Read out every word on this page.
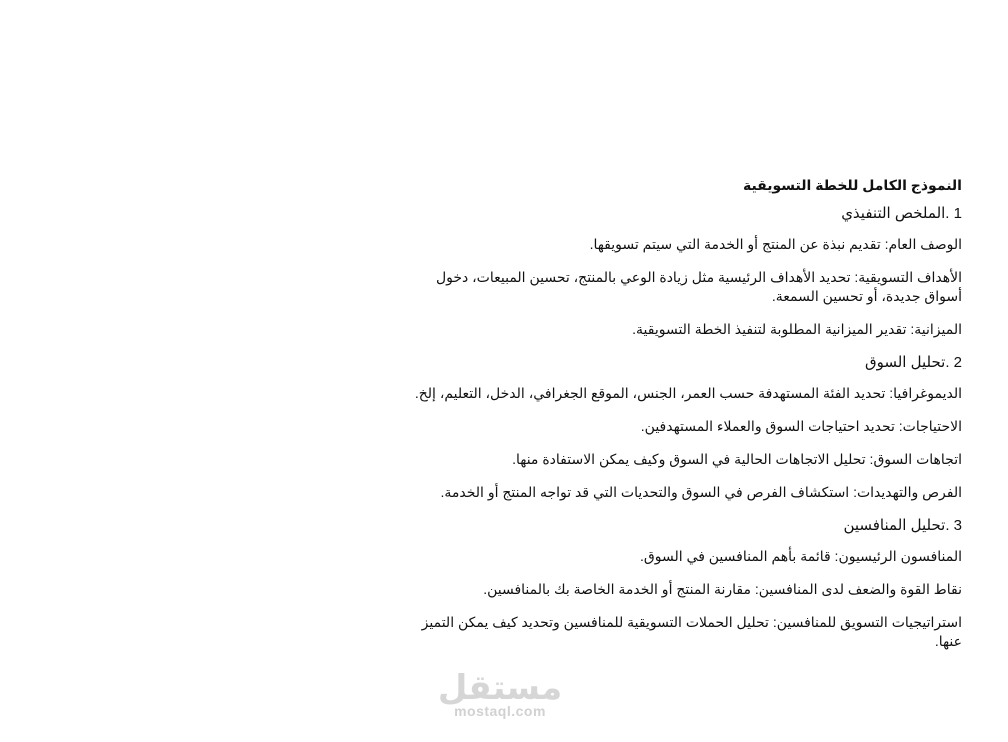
النموذج الكامل للخطة التسويقية
1 .الملخص التنفيذي
الوصف العام: تقديم نبذة عن المنتج أو الخدمة التي سيتم تسويقها.
الأهداف التسويقية: تحديد الأهداف الرئيسية مثل زيادة الوعي بالمنتج، تحسين المبيعات، دخول أسواق جديدة، أو تحسين السمعة.
الميزانية: تقدير الميزانية المطلوبة لتنفيذ الخطة التسويقية.
2 .تحليل السوق
الديموغرافيا: تحديد الفئة المستهدفة حسب العمر، الجنس، الموقع الجغرافي، الدخل، التعليم، إلخ.
الاحتياجات: تحديد احتياجات السوق والعملاء المستهدفين.
اتجاهات السوق: تحليل الاتجاهات الحالية في السوق وكيف يمكن الاستفادة منها.
الفرص والتهديدات: استكشاف الفرص في السوق والتحديات التي قد تواجه المنتج أو الخدمة.
3 .تحليل المنافسين
المنافسون الرئيسيون: قائمة بأهم المنافسين في السوق.
نقاط القوة والضعف لدى المنافسين: مقارنة المنتج أو الخدمة الخاصة بك بالمنافسين.
استراتيجيات التسويق للمنافسين: تحليل الحملات التسويقية للمنافسين وتحديد كيف يمكن التميز عنها.
مستقل
mostaql.com
